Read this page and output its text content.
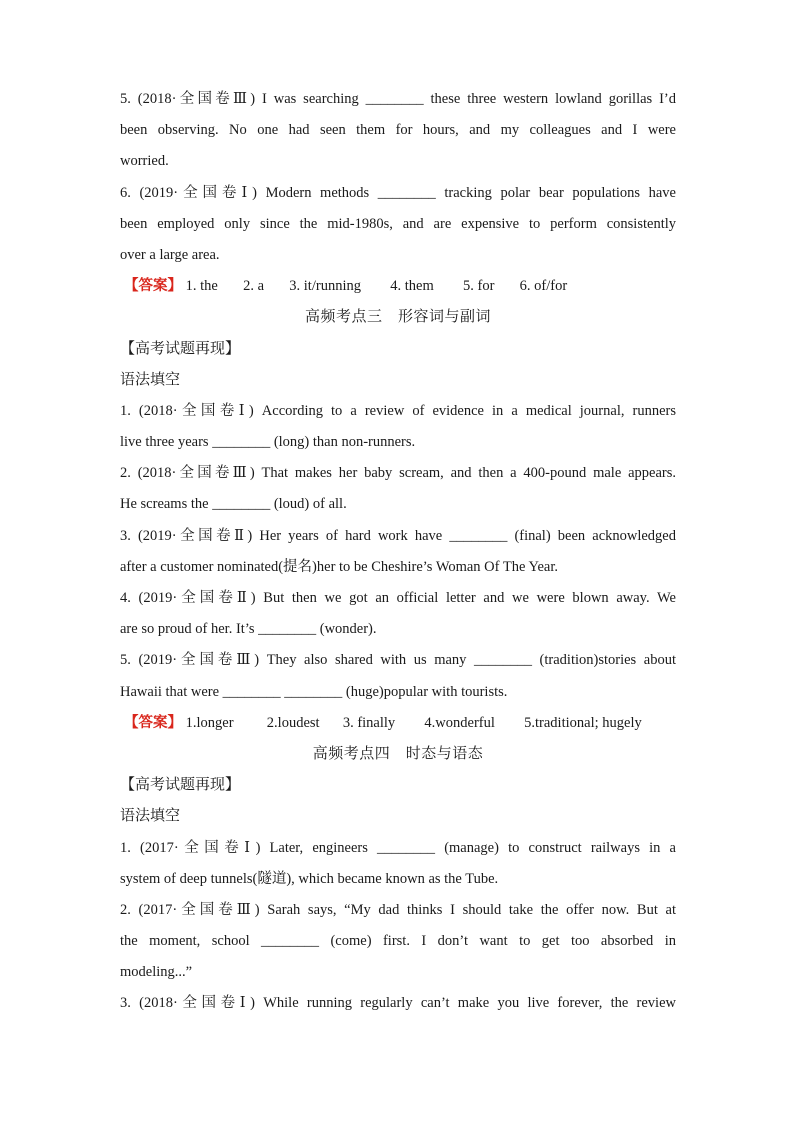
5. (2018·全国卷Ⅲ) I was searching ________ these three western lowland gorillas I’d
been observing. No one had seen them for hours, and my colleagues and I were
worried.
6. (2019·全国卷Ⅰ) Modern methods ________ tracking polar bear populations have
been employed only since the mid-1980s, and are expensive to perform consistently
over a large area.
【答案】 1. the 2. a 3. it/running 4. them 5. for 6. of/for
高频考点三　形容词与副词
【高考试题再现】
语法填空
1. (2018·全国卷Ⅰ) According to a review of evidence in a medical journal, runners
live three years ________ (long) than non-runners.
2. (2018·全国卷Ⅲ) That makes her baby scream, and then a 400-pound male appears.
He screams the ________ (loud) of all.
3. (2019·全国卷Ⅱ) Her years of hard work have ________ (final) been acknowledged
after a customer nominated(提名)her to be Cheshire’s Woman Of The Year.
4. (2019·全国卷Ⅱ) But then we got an official letter and we were blown away. We
are so proud of her. It’s ________ (wonder).
5. (2019·全国卷Ⅲ) They also shared with us many ________ (tradition)stories about
Hawaii that were ________ ________ (huge)popular with tourists.
【答案】 1.longer 2.loudest 3. finally 4.wonderful 5.traditional; hugely
高频考点四　时态与语态
【高考试题再现】
语法填空
1. (2017·全国卷Ⅰ) Later, engineers ________ (manage) to construct railways in a
system of deep tunnels(隧道), which became known as the Tube.
2. (2017·全国卷Ⅲ) Sarah says, “My dad thinks I should take the offer now. But at
the moment, school ________ (come) first. I don’t want to get too absorbed in
modeling...”
3. (2018·全国卷Ⅰ) While running regularly can’t make you live forever, the review
